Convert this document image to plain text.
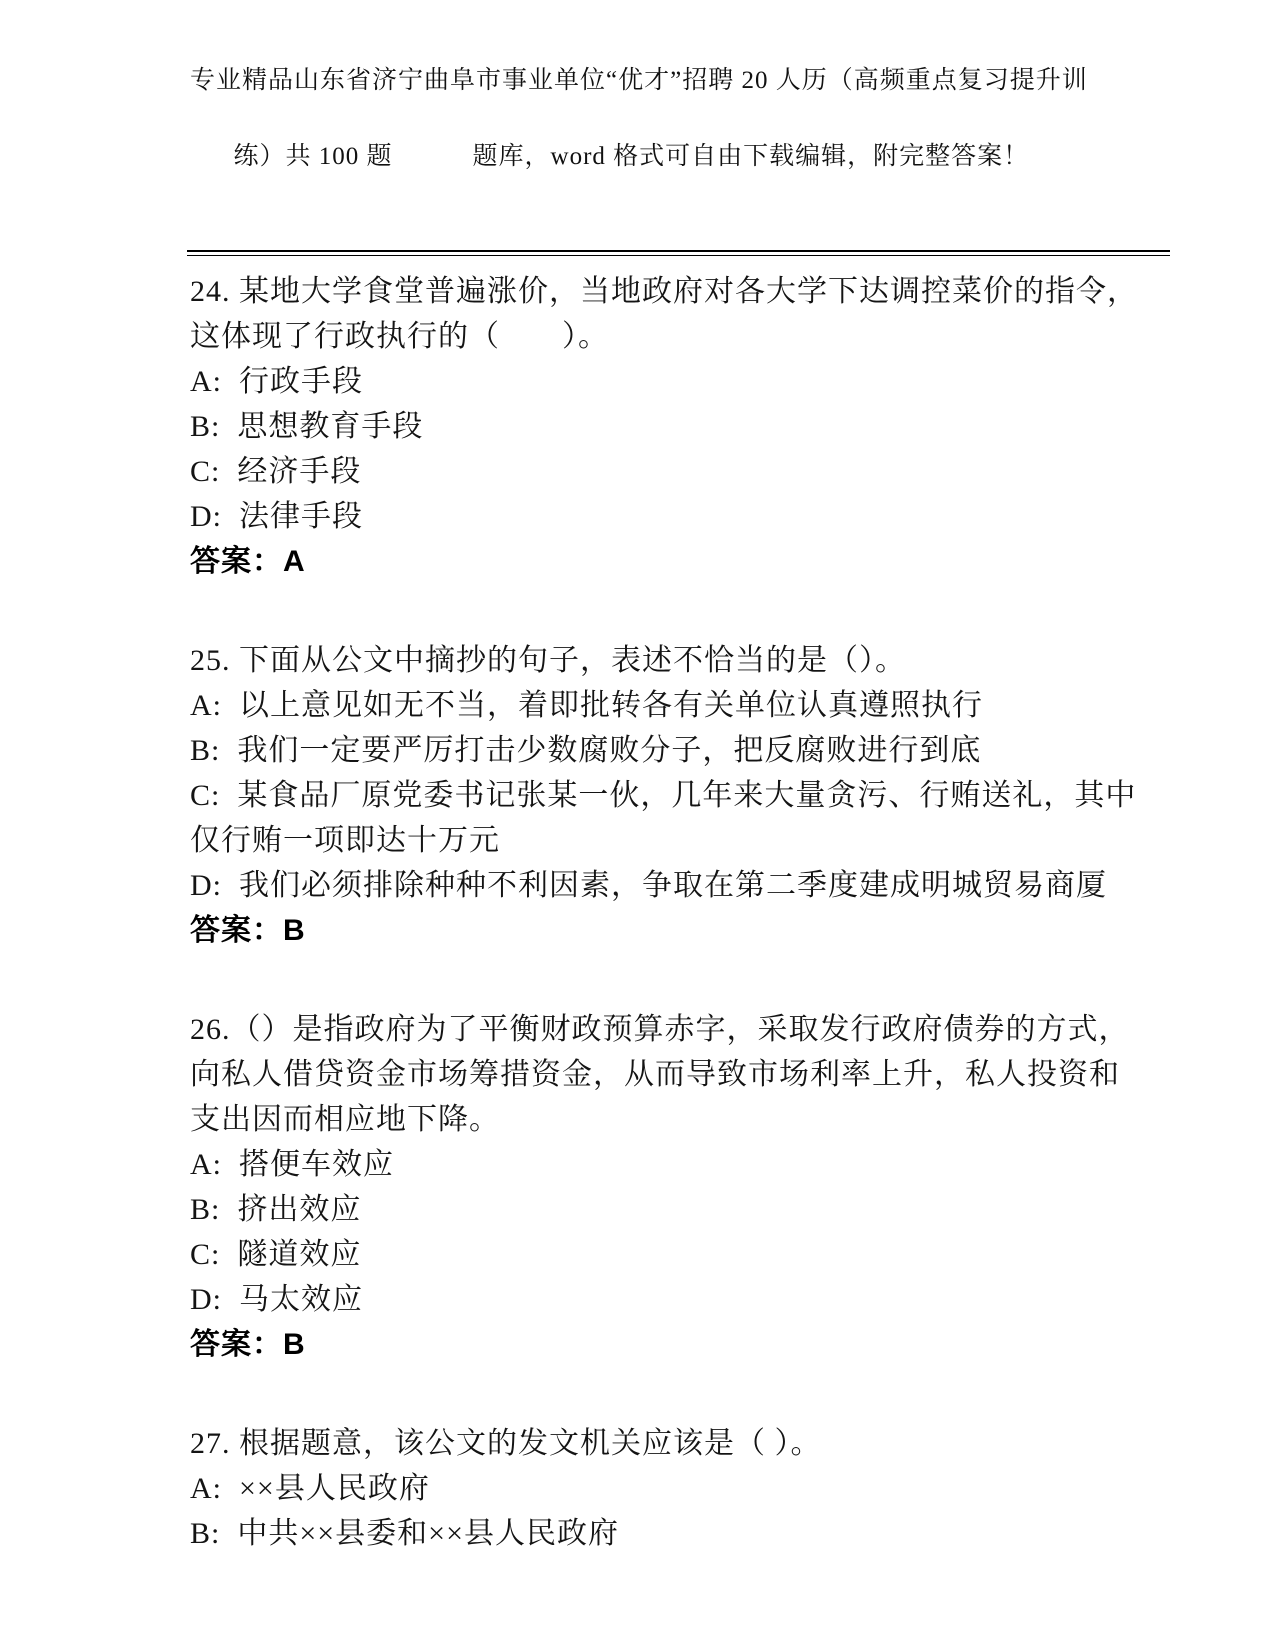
专业精品山东省济宁曲阜市事业单位“优才”招聘 20 人历（高频重点复习提升训

练）共 100 题	题库，word 格式可自由下载编辑，附完整答案！

24. 某地大学食堂普遍涨价，当地政府对各大学下达调控菜价的指令，

这体现了行政执行的（　　）。

A:  行政手段

B:  思想教育手段

C:  经济手段

D:  法律手段

答案：A

25. 下面从公文中摘抄的句子，表述不恰当的是（）。

A:  以上意见如无不当，着即批转各有关单位认真遵照执行

B:  我们一定要严厉打击少数腐败分子，把反腐败进行到底

C:  某食品厂原党委书记张某一伙，几年来大量贪污、行贿送礼，其中

仅行贿一项即达十万元

D:  我们必须排除种种不利因素，争取在第二季度建成明城贸易商厦

答案：B

26.（）是指政府为了平衡财政预算赤字，采取发行政府债券的方式，

向私人借贷资金市场筹措资金，从而导致市场利率上升，私人投资和

支出因而相应地下降。

A:  搭便车效应

B:  挤出效应

C:  隧道效应

D:  马太效应

答案：B

27. 根据题意，该公文的发文机关应该是（ ）。

A:  ××县人民政府

B:  中共××县委和××县人民政府
